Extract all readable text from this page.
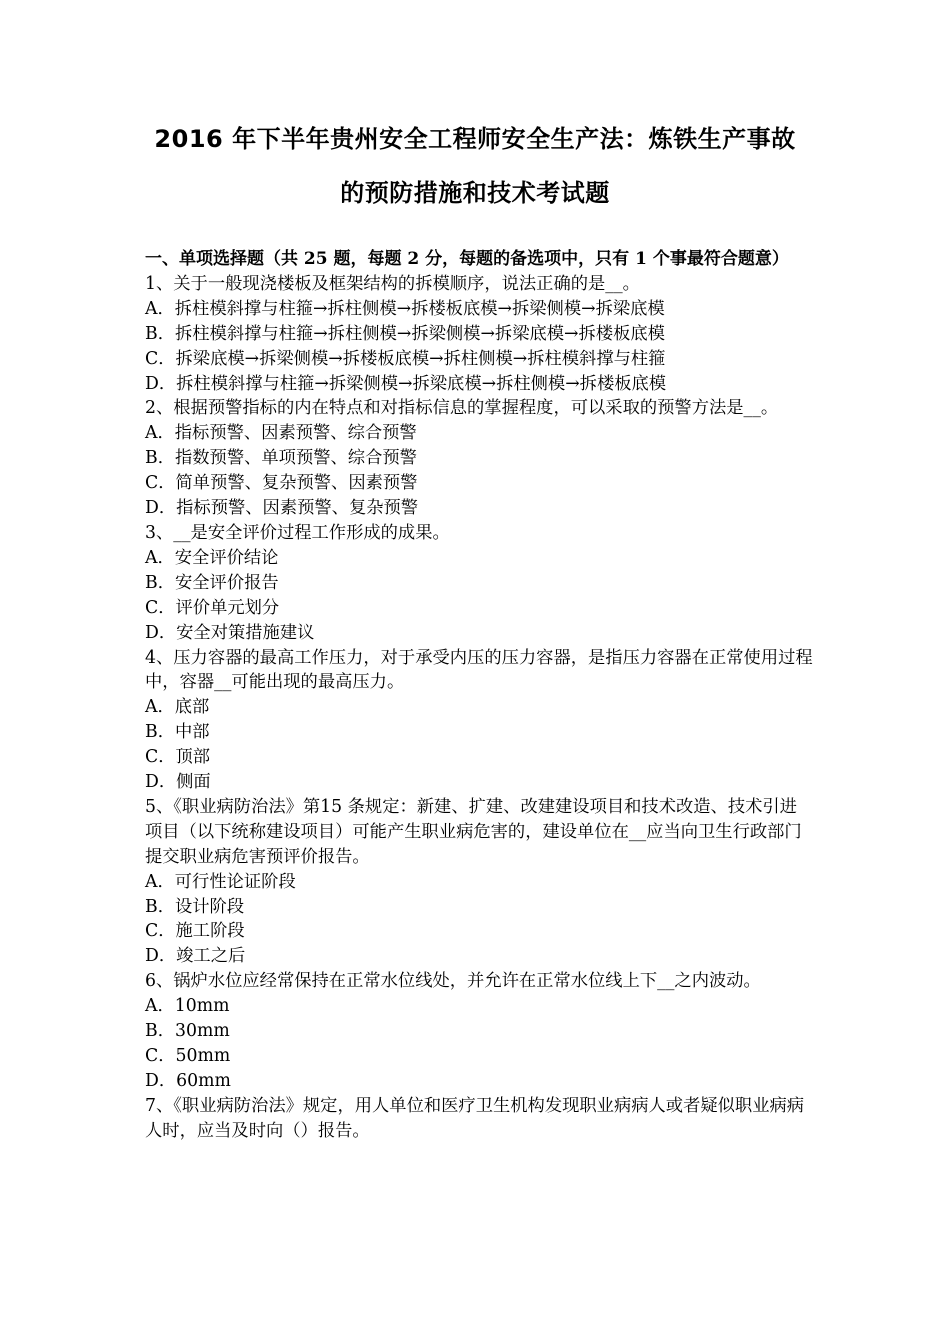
2016 年下半年贵州安全工程师安全生产法：炼铁生产事故
的预防措施和技术考试题

一、单项选择题（共 25 题，每题 2 分，每题的备选项中，只有 1 个事最符合题意）

1、关于一般现浇楼板及框架结构的拆模顺序，说法正确的是__。

A．拆柱模斜撑与柱箍→拆柱侧模→拆楼板底模→拆梁侧模→拆梁底模

B．拆柱模斜撑与柱箍→拆柱侧模→拆梁侧模→拆梁底模→拆楼板底模

C．拆梁底模→拆梁侧模→拆楼板底模→拆柱侧模→拆柱模斜撑与柱箍

D．拆柱模斜撑与柱箍→拆梁侧模→拆梁底模→拆柱侧模→拆楼板底模

2、根据预警指标的内在特点和对指标信息的掌握程度，可以采取的预警方法是__。

A．指标预警、因素预警、综合预警

B．指数预警、单项预警、综合预警

C．简单预警、复杂预警、因素预警

D．指标预警、因素预警、复杂预警

3、__是安全评价过程工作形成的成果。

A．安全评价结论

B．安全评价报告

C．评价单元划分

D．安全对策措施建议

4、压力容器的最高工作压力，对于承受内压的压力容器，是指压力容器在正常使用过程中，容器__可能出现的最高压力。

A．底部

B．中部

C．顶部

D．侧面

5、《职业病防治法》第15 条规定：新建、扩建、改建建设项目和技术改造、技术引进项目（以下统称建设项目）可能产生职业病危害的，建设单位在__应当向卫生行政部门提交职业病危害预评价报告。

A．可行性论证阶段

B．设计阶段

C．施工阶段

D．竣工之后

6、锅炉水位应经常保持在正常水位线处，并允许在正常水位线上下__之内波动。

A．10mm

B．30mm

C．50mm

D．60mm

7、《职业病防治法》规定，用人单位和医疗卫生机构发现职业病病人或者疑似职业病病人时，应当及时向（）报告。
